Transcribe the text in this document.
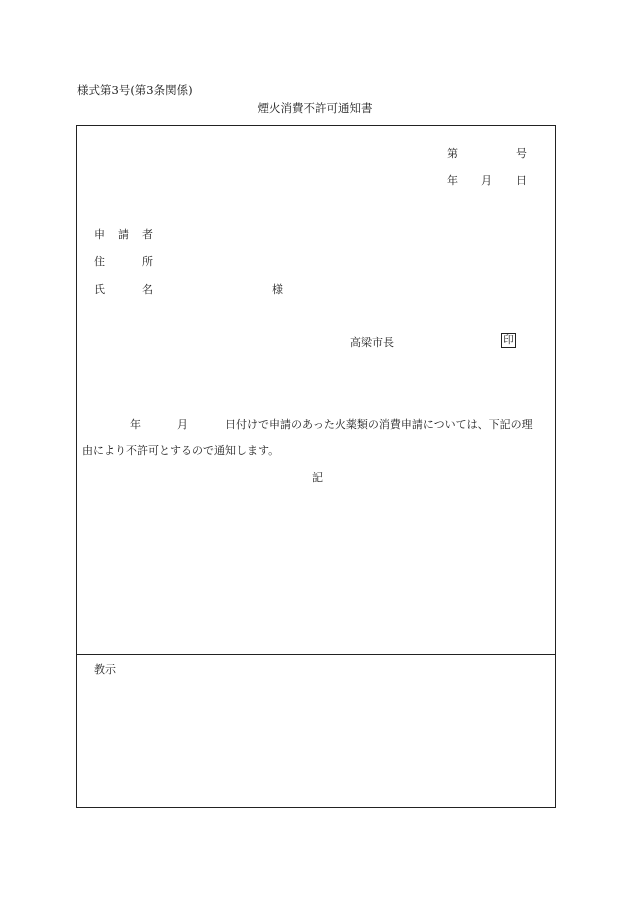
様式第3号(第3条関係)
煙火消費不許可通知書
第	号
年 月 日
申 請 者
住	所
氏	名	様
高梁市長	印
年	月	日付けで申請のあった火薬類の消費申請については、下記の理
由により不許可とするので通知します。
記
教示
